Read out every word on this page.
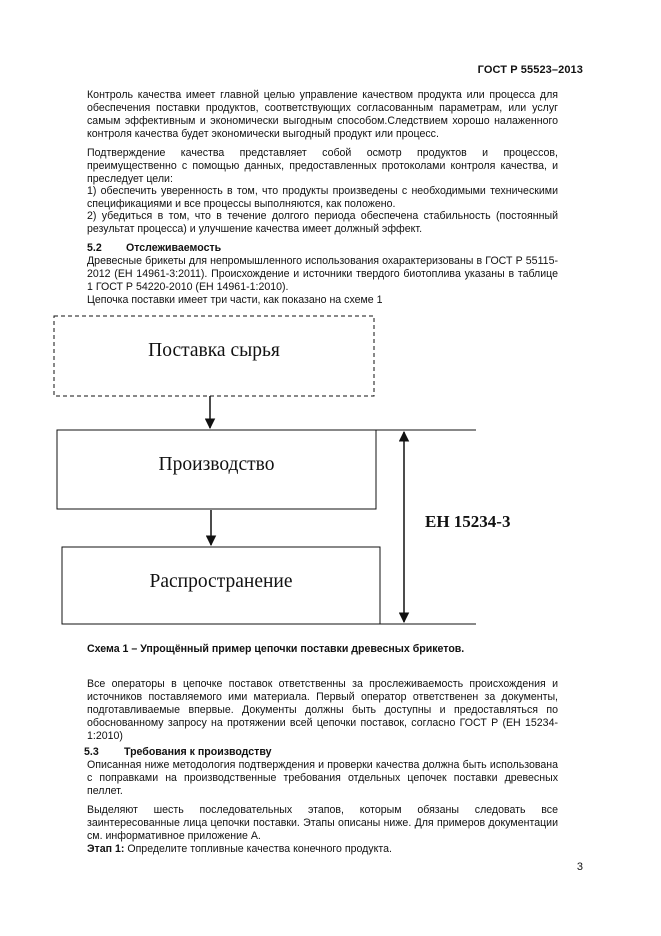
ГОСТ Р 55523–2013

Контроль качества имеет главной целью управление качеством продукта или процесса для обеспечения поставки продуктов, соответствующих согласованным параметрам, или услуг самым эффективным и экономически выгодным способом.Следствием хорошо налаженного контроля качества будет экономически выгодный продукт или процесс.

Подтверждение качества представляет собой осмотр продуктов и процессов, преимущественно с помощью данных, предоставленных протоколами контроля качества, и преследует цели:

1) обеспечить уверенность в том, что продукты произведены с необходимыми техническими спецификациями и все процессы выполняются, как положено.

2) убедиться в том, что в течение долгого периода обеспечена стабильность (постоянный результат процесса) и улучшение качества имеет должный эффект.

5.2 Отслеживаемость

Древесные брикеты для непромышленного использования охарактеризованы в ГОСТ Р 55115-2012 (ЕН 14961-3:2011). Происхождение и источники твердого биотоплива указаны в таблице 1 ГОСТ Р 54220-2010 (ЕН 14961-1:2010).

Цепочка поставки имеет три части, как показано на схеме 1

Поставка сырья
Производство
Распространение
ЕН 15234-3
Схема 1 – Упрощённый пример цепочки поставки древесных брикетов.

Все операторы в цепочке поставок ответственны за прослеживаемость происхождения и источников поставляемого ими материала. Первый оператор ответственен за документы, подготавливаемые впервые. Документы должны быть доступны и предоставляться по обоснованному запросу на протяжении всей цепочки поставок, согласно ГОСТ Р (ЕН 15234-1:2010)

5.3 Требования к производству

Описанная ниже методология подтверждения и проверки качества должна быть использована с поправками на производственные требования отдельных цепочек поставки древесных пеллет.

Выделяют шесть последовательных этапов, которым обязаны следовать все заинтересованные лица цепочки поставки. Этапы описаны ниже. Для примеров документации см. информативное приложение А.

Этап 1: Определите топливные качества конечного продукта.

3
